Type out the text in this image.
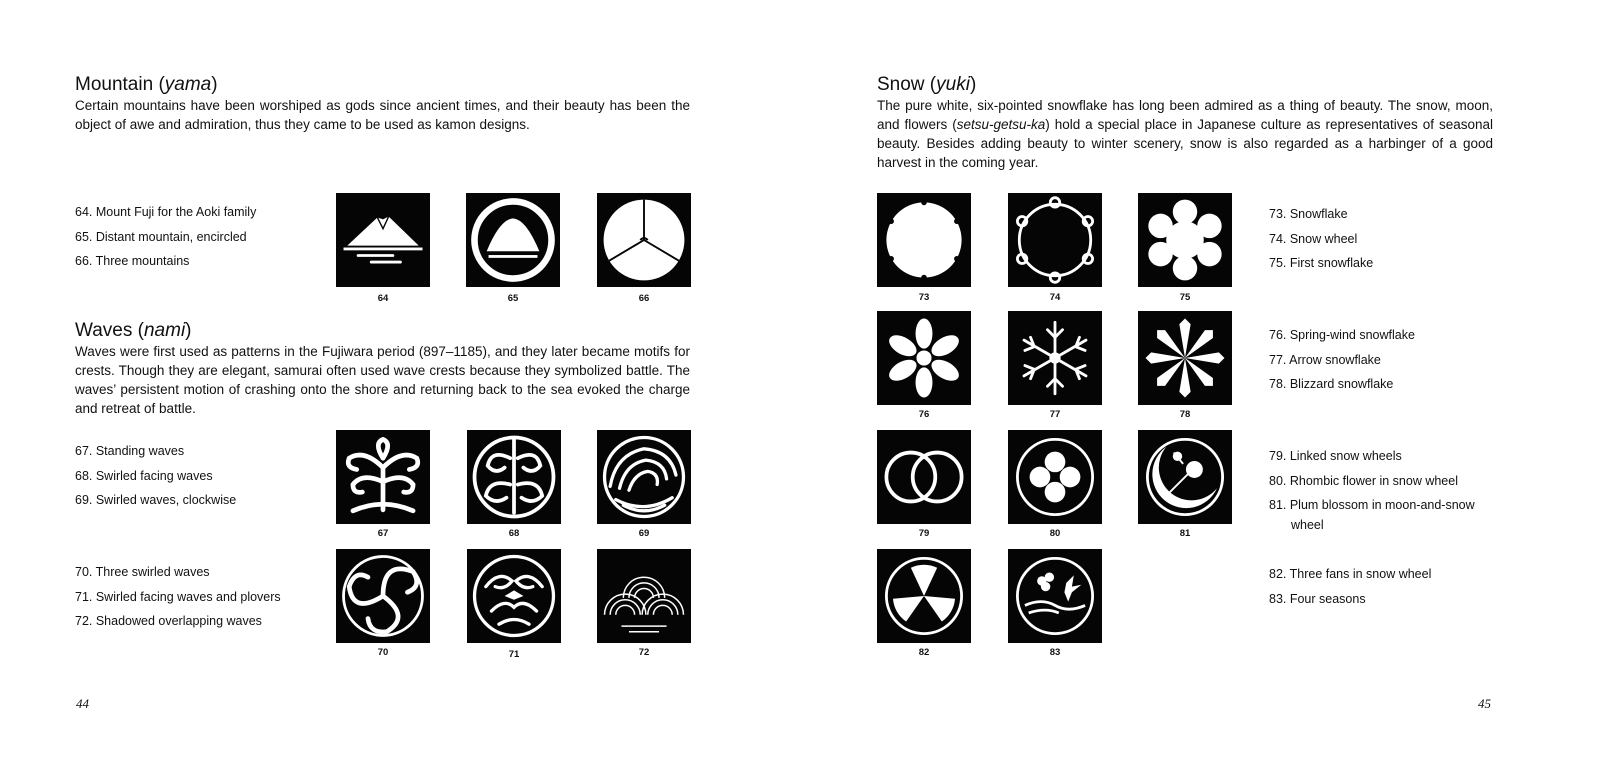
Mountain (yama)

Certain mountains have been worshiped as gods since ancient times, and their beauty has been the object of awe and admiration, thus they came to be used as kamon designs.

64. Mount Fuji for the Aoki family
65. Distant mountain, encircled
66. Three mountains
64	65	66
Waves (nami)

Waves were first used as patterns in the Fujiwara period (897–1185), and they later became motifs for crests. Though they are elegant, samurai often used wave crests because they symbolized battle. The waves’ persistent motion of crashing onto the shore and returning back to the sea evoked the charge and retreat of battle.

67. Standing waves
68. Swirled facing waves
69. Swirled waves, clockwise
67	68	69
70. Three swirled waves
71. Swirled facing waves and plovers
72. Shadowed overlapping waves
70	71	72
44
Snow (yuki)

The pure white, six-pointed snowflake has long been admired as a thing of beauty. The snow, moon, and flowers (setsu-getsu-ka) hold a special place in Japanese culture as representatives of seasonal beauty. Besides adding beauty to winter scenery, snow is also regarded as a harbinger of a good harvest in the coming year.

73	74	75
73. Snowflake
74. Snow wheel
75. First snowflake
76	77	78
76. Spring-wind snowflake
77. Arrow snowflake
78. Blizzard snowflake
79	80	81
79. Linked snow wheels
80. Rhombic flower in snow wheel
81. Plum blossom in moon-and-snow
wheel
82	83
82. Three fans in snow wheel
83. Four seasons
45
